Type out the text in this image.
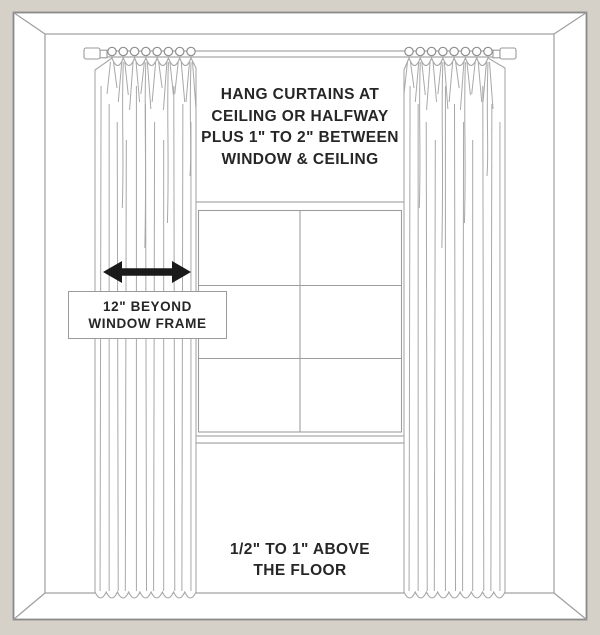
HANG CURTAINS AT
CEILING OR HALFWAY
PLUS 1" TO 2" BETWEEN
WINDOW & CEILING
12" BEYOND
WINDOW FRAME
1/2" TO 1" ABOVE
THE FLOOR
